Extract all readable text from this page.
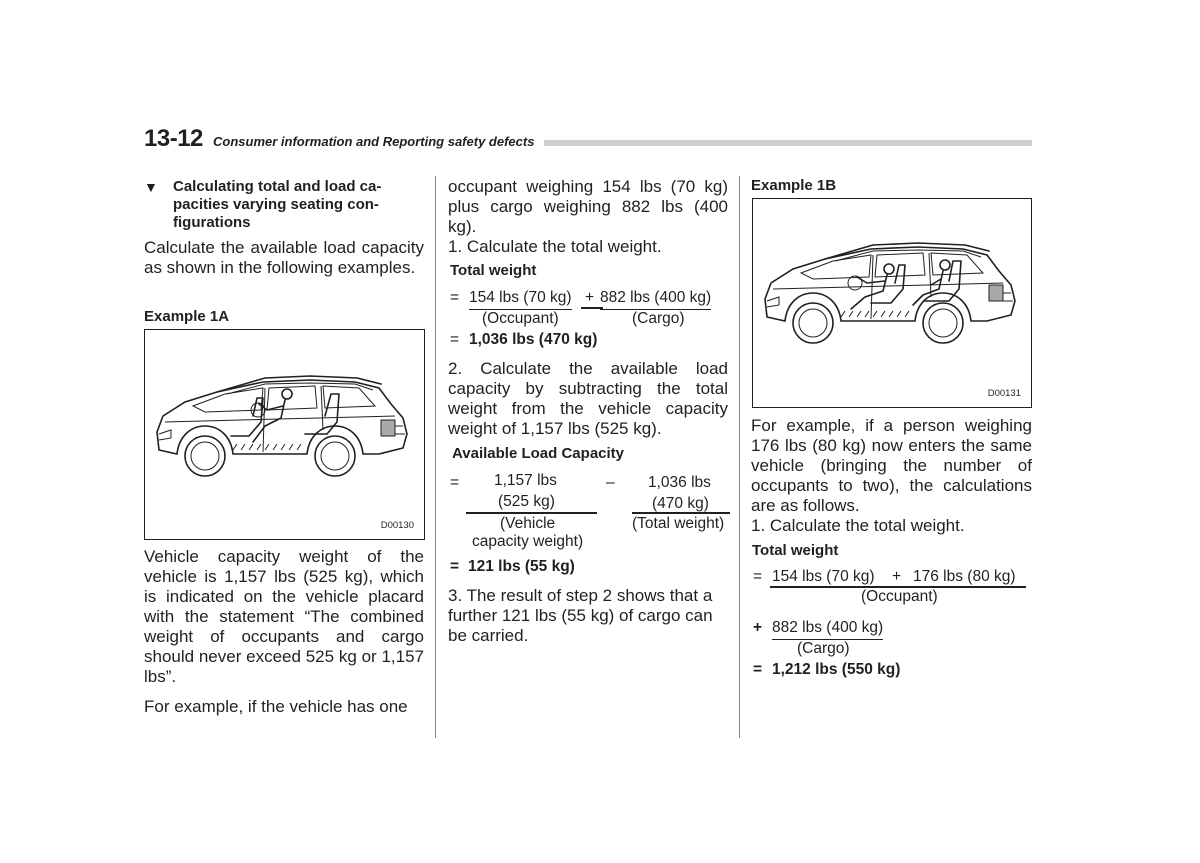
13-12 Consumer information and Reporting safety defects
▼ Calculating total and load ca-
pacities varying seating con-
figurations
Calculate the available load capacity as shown in the following examples.
Example 1A
D00130
Vehicle capacity weight of the vehicle is 1,157 lbs (525 kg), which is indicated on the vehicle placard with the statement “The combined weight of occupants and cargo should never exceed 525 kg or 1,157 lbs”.
For example, if the vehicle has one
occupant weighing 154 lbs (70 kg) plus cargo weighing 882 lbs (400 kg).
1. Calculate the total weight.
Total weight
= 154 lbs (70 kg) + 882 lbs (400 kg)
(Occupant)	(Cargo)
= 1,036 lbs (470 kg)
2. Calculate the available load capacity by subtracting the total weight from the vehicle capacity weight of 1,157 lbs (525 kg).
Available Load Capacity
= 1,157 lbs
(525 kg)
– 1,036 lbs
(470 kg)
(Vehicle
capacity weight)
(Total weight)
= 121 lbs (55 kg)
3. The result of step 2 shows that a further 121 lbs (55 kg) of cargo can be carried.
Example 1B
D00131
For example, if a person weighing 176 lbs (80 kg) now enters the same vehicle (bringing the number of occupants to two), the calculations are as follows.
1. Calculate the total weight.
Total weight
= 154 lbs (70 kg) + 176 lbs (80 kg)
(Occupant)
+ 882 lbs (400 kg)
(Cargo)
= 1,212 lbs (550 kg)
